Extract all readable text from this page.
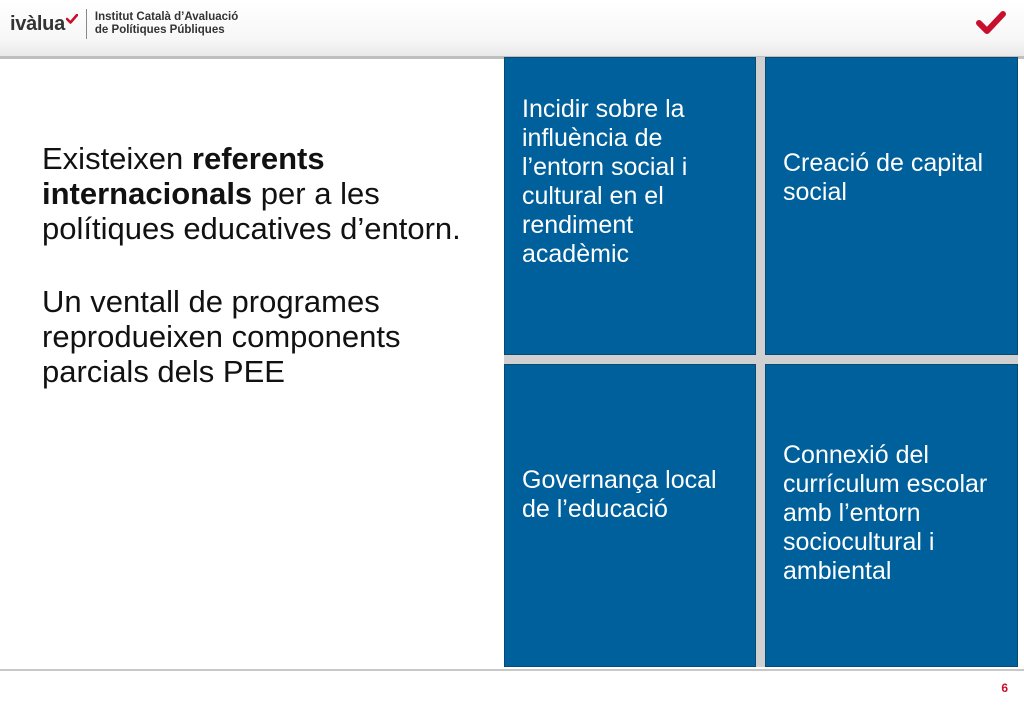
ivàlua	Institut Català d’Avaluació
de Polítiques Públiques

Existeixen referents internacionals per a les polítiques educatives d’entorn.

Un ventall de programes reprodueixen components parcials dels PEE

Incidir sobre la influència de l’entorn social i cultural en el rendiment acadèmic
Creació de capital social
Governança local de l’educació
Connexió del currículum escolar amb l’entorn sociocultural i ambiental
6
